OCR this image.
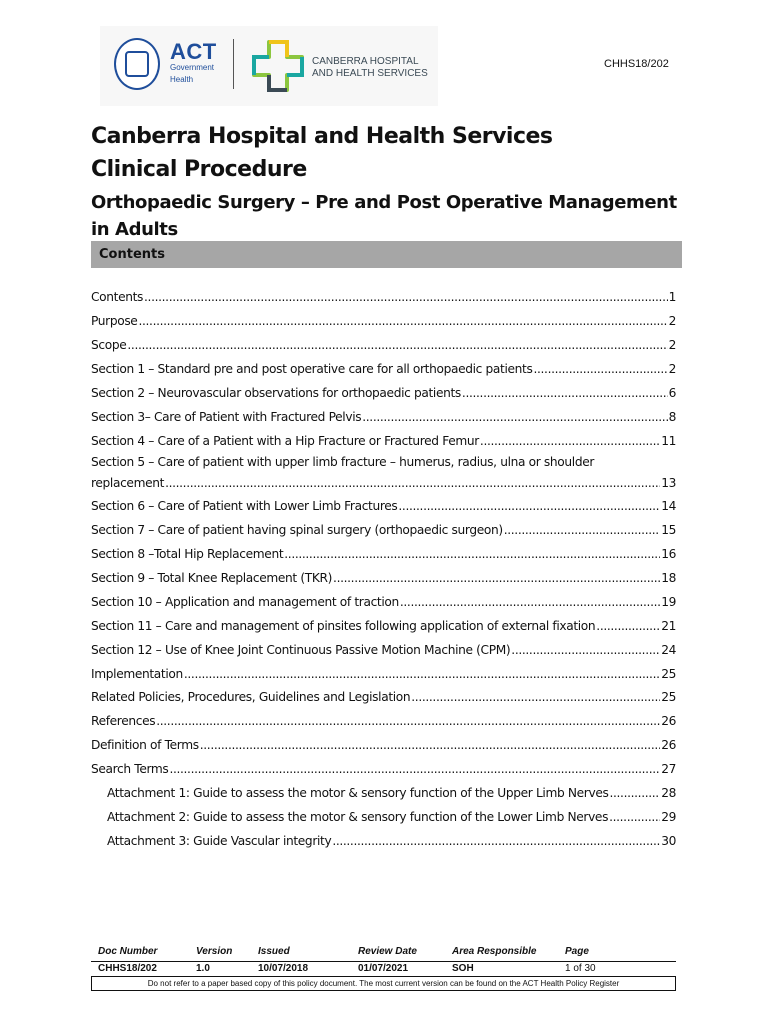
ACT
Government
Health
CANBERRA HOSPITAL
AND HEALTH SERVICES
CHHS18/202
Canberra Hospital and Health Services
Clinical Procedure
Orthopaedic Surgery – Pre and Post Operative Management in Adults
Contents
Contents .....	1
Purpose .....	2
Scope .....	2
Section 1 – Standard pre and post operative care for all orthopaedic patients .....	2
Section 2 – Neurovascular observations for orthopaedic patients .....	6
Section 3– Care of Patient with Fractured Pelvis .....	8
Section 4 – Care of a Patient with a Hip Fracture or Fractured Femur .....	11
Section 5 – Care of patient with upper limb fracture – humerus, radius, ulna or shoulder
replacement .....	13
Section 6 – Care of Patient with Lower Limb Fractures .....	14
Section 7 – Care of patient having spinal surgery (orthopaedic surgeon) .....	15
Section 8 –Total Hip Replacement .....	16
Section 9 – Total Knee Replacement (TKR) .....	18
Section 10 – Application and management of traction .....	19
Section 11 – Care and management of pinsites following application of external fixation .....	21
Section 12 – Use of Knee Joint Continuous Passive Motion Machine (CPM) .....	24
Implementation .....	25
Related Policies, Procedures, Guidelines and Legislation .....	25
References .....	26
Definition of Terms .....	26
Search Terms .....	27
Attachment 1: Guide to assess the motor & sensory function of the Upper Limb Nerves .....	28
Attachment 2: Guide to assess the motor & sensory function of the Lower Limb Nerves .....	29
Attachment 3: Guide Vascular integrity .....	30
Doc Number	Version	Issued	Review Date	Area Responsible	Page
CHHS18/202	1.0	10/07/2018	01/07/2021	SOH	1 of 30
Do not refer to a paper based copy of this policy document. The most current version can be found on the ACT Health Policy Register
